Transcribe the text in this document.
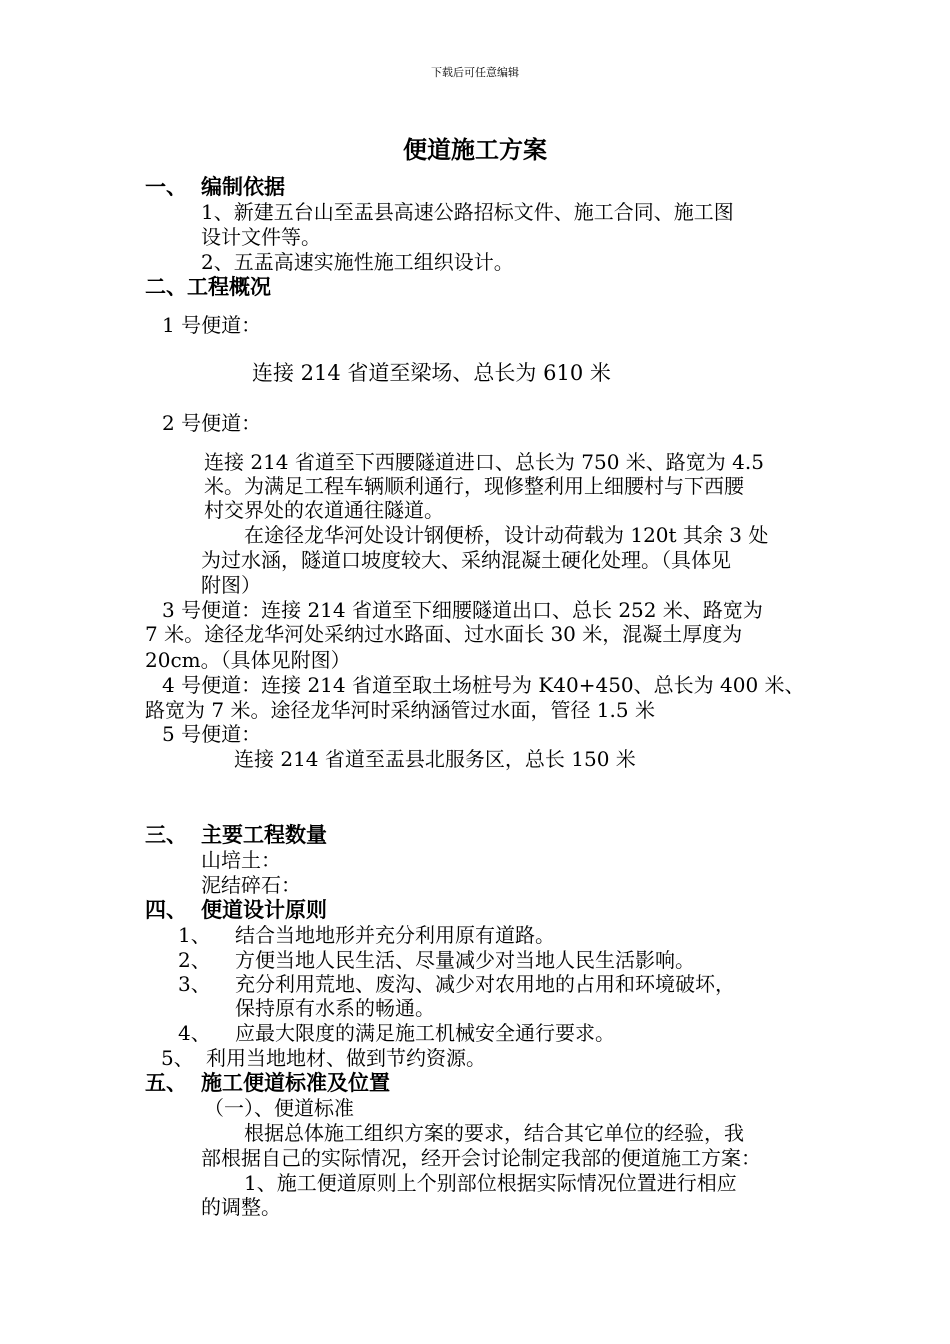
下载后可任意编辑
便道施工方案
一、 编制依据
1、新建五台山至盂县高速公路招标文件、施工合同、施工图
设计文件等。
2、五盂高速实施性施工组织设计。
二、工程概况
1 号便道：
连接 214 省道至梁场、总长为 610 米
2 号便道：
连接 214 省道至下西腰隧道进口、总长为 750 米、路宽为 4.5
米。为满足工程车辆顺利通行，现修整利用上细腰村与下西腰
村交界处的农道通往隧道。
在途径龙华河处设计钢便桥，设计动荷载为 120t 其余 3 处
为过水涵，隧道口坡度较大、采纳混凝土硬化处理。（具体见
附图）
3 号便道：连接 214 省道至下细腰隧道出口、总长 252 米、路宽为
7 米。途径龙华河处采纳过水路面、过水面长 30 米，混凝土厚度为
20cm。（具体见附图）
4 号便道：连接 214 省道至取土场桩号为 K40+450、总长为 400 米、
路宽为 7 米。途径龙华河时采纳涵管过水面，管径 1.5 米
5 号便道：
连接 214 省道至盂县北服务区，总长 150 米
三、 主要工程数量
山培土：
泥结碎石：
四、 便道设计原则
1、 结合当地地形并充分利用原有道路。
2、 方便当地人民生活、尽量减少对当地人民生活影响。
3、 充分利用荒地、废沟、减少对农用地的占用和环境破坏，
保持原有水系的畅通。
4、 应最大限度的满足施工机械安全通行要求。
5、 利用当地地材、做到节约资源。
五、 施工便道标准及位置
（一）、便道标准
根据总体施工组织方案的要求，结合其它单位的经验，我
部根据自己的实际情况，经开会讨论制定我部的便道施工方案：
1、施工便道原则上个别部位根据实际情况位置进行相应
的调整。
